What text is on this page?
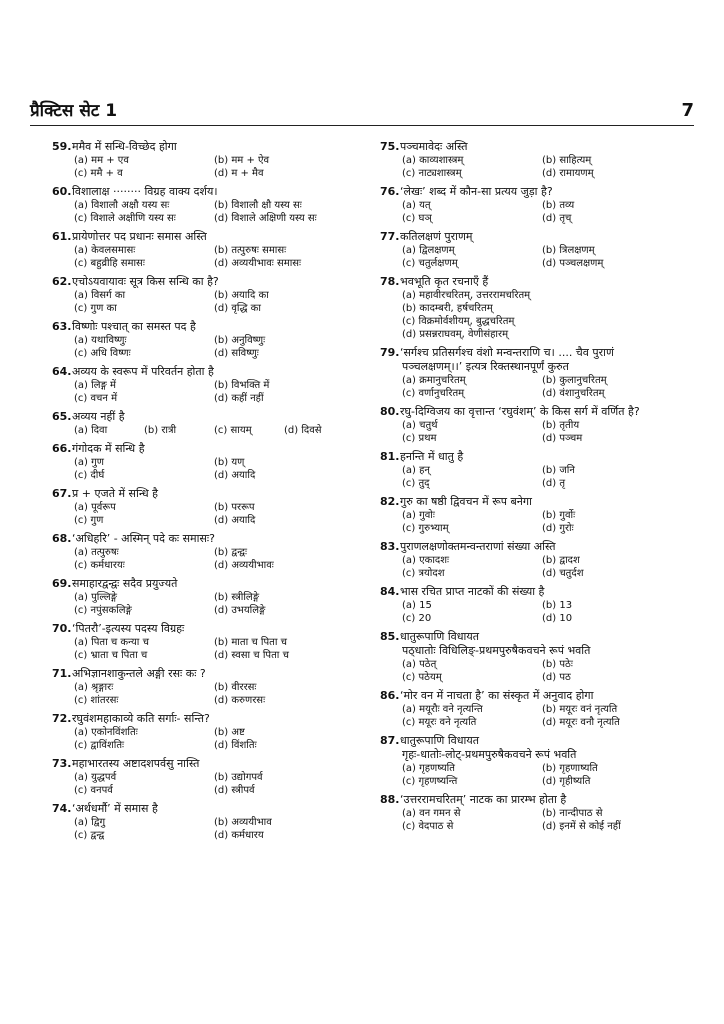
प्रैक्टिस सेट 1	7
59.ममैव में सन्धि-विच्छेद होगा
(a) मम + एव	(b) मम + ऐव
(c) ममै + व	(d) म + मैव
60.विशालाक्ष ········ विग्रह वाक्य दर्शय।
(a) विशालौ अक्षौ यस्य सः	(b) विशालौ क्षौ यस्य सः
(c) विशाले अक्षीणि यस्य सः	(d) विशाले अक्षिणी यस्य सः
61.प्रायेणोत्तर पद प्रधानः समास अस्ति
(a) केवलसमासः	(b) तत्पुरुषः समासः
(c) बहुव्रीहि समासः	(d) अव्ययीभावः समासः
62.एचोऽयवायावः सूत्र किस सन्धि का है?
(a) विसर्ग का	(b) अयादि का
(c) गुण का	(d) वृद्धि का
63.विष्णोः पश्चात् का समस्त पद है
(a) यथाविष्णुः	(b) अनुविष्णुः
(c) अधि विष्णः	(d) सविष्णुः
64.अव्यय के स्वरूप में परिवर्तन होता है
(a) लिङ्ग में	(b) विभक्ति में
(c) वचन में	(d) कहीं नहीं
65.अव्यय नहीं है
(a) दिवा	(b) रात्री	(c) सायम्	(d) दिवसे
66.गंगोदक में सन्धि है
(a) गुण	(b) यण्
(c) दीर्घ	(d) अयादि
67.प्र + एजते में सन्धि है
(a) पूर्वरूप	(b) पररूप
(c) गुण	(d) अयादि
68.‘अधिहरि’ - अस्मिन् पदे कः समासः?
(a) तत्पुरुषः	(b) द्वन्द्वः
(c) कर्मधारयः	(d) अव्ययीभावः
69.समाहारद्वन्द्वः सदैव प्रयुज्यते
(a) पुल्लिङ्गे	(b) स्त्रीलिङ्गे
(c) नपुंसकलिङ्गे	(d) उभयलिङ्गे
70.‘पितरौ’-इत्यस्य पदस्य विग्रहः
(a) पिता च कन्या च	(b) माता च पिता च
(c) भ्राता च पिता च	(d) स्वसा च पिता च
71.अभिज्ञानशाकुन्तले अङ्गी रसः कः ?
(a) श्रृङ्गारः	(b) वीररसः
(c) शांतरसः	(d) करुणरसः
72.रघुवंशमहाकाव्ये कति सर्गाः- सन्ति?
(a) एकोनविंशतिः	(b) अष्ट
(c) द्वाविंशतिः	(d) विंशतिः
73.महाभारतस्य अष्टादशपर्वसु नास्ति
(a) युद्धपर्व	(b) उद्योगपर्व
(c) वनपर्व	(d) स्त्रीपर्व
74.‘अर्थधर्मौ’ में समास है
(a) द्विगु	(b) अव्ययीभाव
(c) द्वन्द्व	(d) कर्मधारय
75.पञ्चमावेदः अस्ति
(a) काव्यशास्त्रम्	(b) साहित्यम्
(c) नाट्यशास्त्रम्	(d) रामायणम्
76.‘लेखः’ शब्द में कौन-सा प्रत्यय जुड़ा है?
(a) यत्	(b) तव्य
(c) घञ्	(d) तृच्
77.कतिलक्षणं पुराणम्
(a) द्विलक्षणम्	(b) त्रिलक्षणम्
(c) चतुर्लक्षणम्	(d) पञ्चलक्षणम्
78.भवभूति कृत रचनाएँ हैं
(a) महावीरचरितम्, उत्तररामचरितम्
(b) कादम्बरी, हर्षचरितम्
(c) विक्रमोर्वशीयम्, बुद्धचरितम्
(d) प्रसन्नराघवम्, वेणीसंहारम्
79.‘सर्गश्च प्रतिसर्गश्च वंशो मन्वन्तराणि च। .... चैव पुराणं
पञ्चलक्षणम्।।’ इत्यत्र रिक्तस्थानपूर्णं कुरुत
(a) क्रमानुचरितम्	(b) कुलानुचरितम्
(c) वर्णानुचरितम्	(d) वंशानुचरितम्
80.रघु-दिग्विजय का वृत्तान्त ‘रघुवंशम्’ के किस सर्ग में वर्णित है?
(a) चतुर्थ	(b) तृतीय
(c) प्रथम	(d) पञ्चम
81.हनन्ति में धातु है
(a) हन्	(b) जनि
(c) तुद्	(d) तृ
82.गुरु का षष्ठी द्विवचन में रूप बनेगा
(a) गुवोः	(b) गुर्वोः
(c) गुरुभ्याम्	(d) गुरोः
83.पुराणलक्षणोक्तमन्वन्तराणां संख्या अस्ति
(a) एकादशः	(b) द्वादश
(c) त्रयोदश	(d) चतुर्दश
84.भास रचित प्राप्त नाटकों की संख्या है
(a) 15	(b) 13
(c) 20	(d) 10
85.धातुरूपाणि विधायत
पठ्धातोः विधिलिङ्-प्रथमपुरुषैकवचने रूपं भवति
(a) पठेत्	(b) पठेः
(c) पठेयम्	(d) पठ
86.‘मोर वन में नाचता है’ का संस्कृत में अनुवाद होगा
(a) मयूरौः वने नृत्यन्ति	(b) मयूरः वनं नृत्यति
(c) मयूरः वने नृत्यति	(d) मयूरः वनौ नृत्यति
87.धातुरूपाणि विधायत
गृहः-धातोः-लोट्-प्रथमपुरुषैकवचने रूपं भवति
(a) गृहणष्यति	(b) गृहणाष्यति
(c) गृहणष्यन्ति	(d) गृहीष्यति
88.‘उत्तररामचरितम्’ नाटक का प्रारम्भ होता है
(a) वन गमन से	(b) नान्दीपाठ से
(c) वेदपाठ से	(d) इनमें से कोई नहीं
